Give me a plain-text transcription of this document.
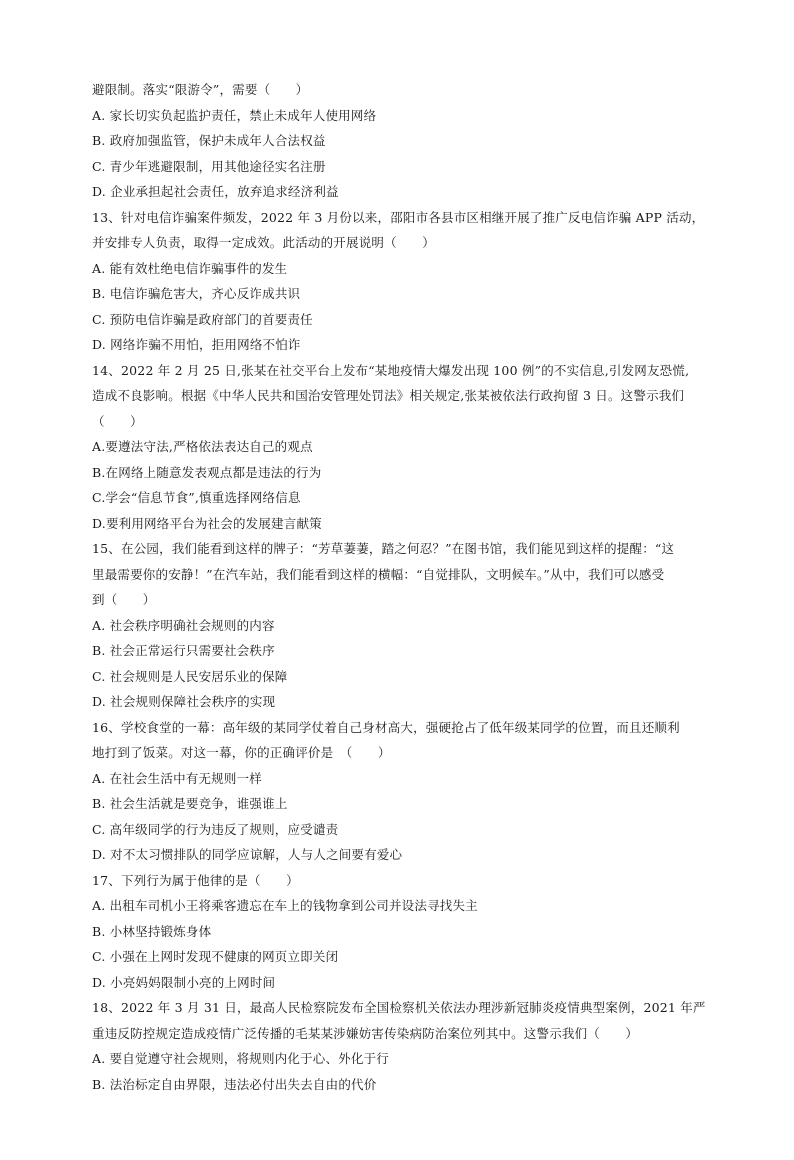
避限制。落实“限游令”，需要（　　）
A. 家长切实负起监护责任，禁止未成年人使用网络
B. 政府加强监管，保护未成年人合法权益
C. 青少年逃避限制，用其他途径实名注册
D. 企业承担起社会责任，放弃追求经济利益
13、针对电信诈骗案件频发，2022 年 3 月份以来，邵阳市各县市区相继开展了推广反电信诈骗 APP 活动，
并安排专人负责，取得一定成效。此活动的开展说明（　　）
A. 能有效杜绝电信诈骗事件的发生
B. 电信诈骗危害大，齐心反诈成共识
C. 预防电信诈骗是政府部门的首要责任
D. 网络诈骗不用怕，拒用网络不怕诈
14、2022 年 2 月 25 日,张某在社交平台上发布“某地疫情大爆发出现 100 例”的不实信息,引发网友恐慌,
造成不良影响。根据《中华人民共和国治安管理处罚法》相关规定,张某被依法行政拘留 3 日。这警示我们
（　　）
A.要遵法守法,严格依法表达自己的观点
B.在网络上随意发表观点都是违法的行为
C.学会“信息节食”,慎重选择网络信息
D.要利用网络平台为社会的发展建言献策
15、在公园，我们能看到这样的牌子：“芳草萋萋，踏之何忍？”在图书馆，我们能见到这样的提醒：“这
里最需要你的安静！”在汽车站，我们能看到这样的横幅：“自觉排队，文明候车。”从中，我们可以感受
到（　　）
A. 社会秩序明确社会规则的内容
B. 社会正常运行只需要社会秩序
C. 社会规则是人民安居乐业的保障
D. 社会规则保障社会秩序的实现
16、学校食堂的一幕：高年级的某同学仗着自己身材高大，强硬抢占了低年级某同学的位置，而且还顺利
地打到了饭菜。对这一幕，你的正确评价是　（　　）
A. 在社会生活中有无规则一样
B. 社会生活就是要竞争，谁强谁上
C. 高年级同学的行为违反了规则，应受谴责
D. 对不太习惯排队的同学应谅解，人与人之间要有爱心
17、下列行为属于他律的是（　　）
A. 出租车司机小王将乘客遗忘在车上的钱物拿到公司并设法寻找失主
B. 小林坚持锻炼身体
C. 小强在上网时发现不健康的网页立即关闭
D. 小亮妈妈限制小亮的上网时间
18、2022 年 3 月 31 日，最高人民检察院发布全国检察机关依法办理涉新冠肺炎疫情典型案例，2021 年严
重违反防控规定造成疫情广泛传播的毛某某涉嫌妨害传染病防治案位列其中。这警示我们（　　）
A. 要自觉遵守社会规则，将规则内化于心、外化于行
B. 法治标定自由界限，违法必付出失去自由的代价
